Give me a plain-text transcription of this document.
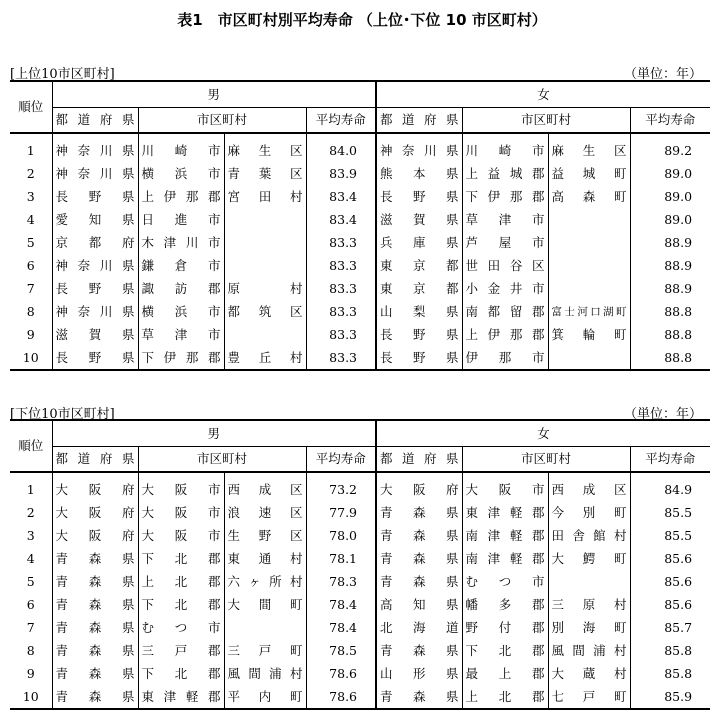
表1　市区町村別平均寿命 （上位･下位 10 市区町村）
[上位10市区町村]	（単位：年）
順位	男				女			
	都道府県	市区町村		平均寿命	都道府県	市区町村		平均寿命
1	神奈川県	川崎市	麻生区	84.0	神奈川県	川崎市	麻生区	89.2
2	神奈川県	横浜市	青葉区	83.9	熊本県	上益城郡	益城町	89.0
3	長野県	上伊那郡	宮田村	83.4	長野県	下伊那郡	高森町	89.0
4	愛知県	日進市		83.4	滋賀県	草津市		89.0
5	京都府	木津川市		83.3	兵庫県	芦屋市		88.9
6	神奈川県	鎌倉市		83.3	東京都	世田谷区		88.9
7	長野県	諏訪郡	原村	83.3	東京都	小金井市		88.9
8	神奈川県	横浜市	都筑区	83.3	山梨県	南都留郡	富士河口湖町	88.8
9	滋賀県	草津市		83.3	長野県	上伊那郡	箕輪町	88.8
10	長野県	下伊那郡	豊丘村	83.3	長野県	伊那市		88.8
[下位10市区町村]	（単位：年）
順位	男				女			
	都道府県	市区町村		平均寿命	都道府県	市区町村		平均寿命
1	大阪府	大阪市	西成区	73.2	大阪府	大阪市	西成区	84.9
2	大阪府	大阪市	浪速区	77.9	青森県	東津軽郡	今別町	85.5
3	大阪府	大阪市	生野区	78.0	青森県	南津軽郡	田舎館村	85.5
4	青森県	下北郡	東通村	78.1	青森県	南津軽郡	大鰐町	85.6
5	青森県	上北郡	六ヶ所村	78.3	青森県	むつ市		85.6
6	青森県	下北郡	大間町	78.4	高知県	幡多郡	三原村	85.6
7	青森県	むつ市		78.4	北海道	野付郡	別海町	85.7
8	青森県	三戸郡	三戸町	78.5	青森県	下北郡	風間浦村	85.8
9	青森県	下北郡	風間浦村	78.6	山形県	最上郡	大蔵村	85.8
10	青森県	東津軽郡	平内町	78.6	青森県	上北郡	七戸町	85.9
